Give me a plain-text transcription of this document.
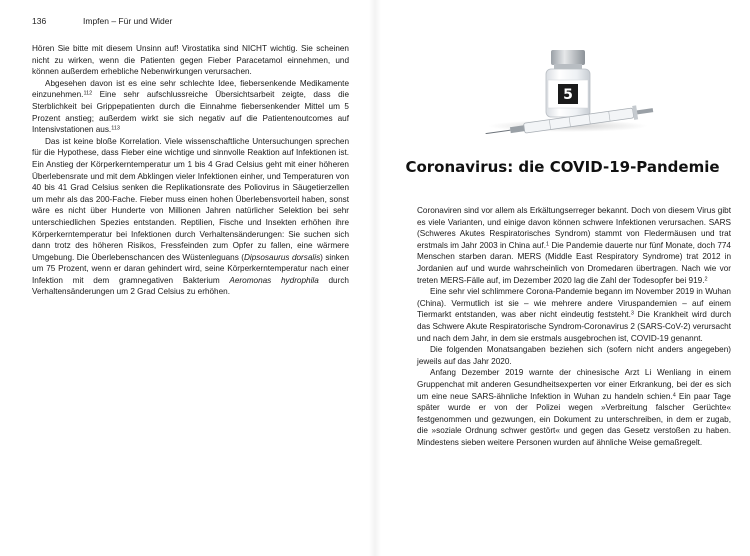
136	Impfen – Für und Wider

Hören Sie bitte mit diesem Unsinn auf! Virostatika sind NICHT wichtig. Sie scheinen nicht zu wirken, wenn die Patienten gegen Fieber Paracetamol einnehmen, und können außerdem erhebliche Nebenwirkungen verursachen.

Abgesehen davon ist es eine sehr schlechte Idee, fiebersenkende Medikamente einzunehmen.$^{112}$ Eine sehr aufschlussreiche Übersichtsarbeit zeigte, dass die Sterblichkeit bei Grippepatienten durch die Einnahme fiebersenkender Mittel um 5 Prozent anstieg; außerdem wirkt sie sich negativ auf die Patientenoutcomes auf Intensivstationen aus.$^{113}$

Das ist keine bloße Korrelation. Viele wissenschaftliche Untersuchungen sprechen für die Hypothese, dass Fieber eine wichtige und sinnvolle Reaktion auf Infektionen ist. Ein Anstieg der Körperkerntemperatur um 1 bis 4 Grad Celsius geht mit einer höheren Überlebensrate und mit dem Abklingen vieler Infektionen einher, und Temperaturen von 40 bis 41 Grad Celsius senken die Replikationsrate des Poliovirus in Säugetierzellen um mehr als das 200-Fache. Fieber muss einen hohen Überlebensvorteil haben, sonst wäre es nicht über Hunderte von Millionen Jahren natürlicher Selektion bei sehr unterschiedlichen Spezies entstanden. Reptilien, Fische und Insekten erhöhen ihre Körperkerntemperatur bei Infektionen durch Verhaltensänderungen: Sie suchen sich dann trotz des höheren Risikos, Fressfeinden zum Opfer zu fallen, eine wärmere Umgebung. Die Überlebenschancen des Wüstenleguans (Dipsosaurus dorsalis) sinken um 75 Prozent, wenn er daran gehindert wird, seine Körperkerntemperatur nach einer Infektion mit dem gramnegativen Bakterium Aeromonas hydrophila durch Verhaltensänderungen um 2 Grad Celsius zu erhöhen.

5
Coronavirus: die COVID-19-Pandemie

Coronaviren sind vor allem als Erkältungserreger bekannt. Doch von diesem Virus gibt es viele Varianten, und einige davon können schwere Infektionen verursachen. SARS (Schweres Akutes Respiratorisches Syndrom) stammt von Fledermäusen und trat erstmals im Jahr 2003 in China auf.$^1$ Die Pandemie dauerte nur fünf Monate, doch 774 Menschen starben daran. MERS (Middle East Respiratory Syndrome) trat 2012 in Jordanien auf und wurde wahrscheinlich von Dromedaren übertragen. Nach wie vor treten MERS-Fälle auf, im Dezember 2020 lag die Zahl der Todesopfer bei 919.$^2$

Eine sehr viel schlimmere Corona-Pandemie begann im November 2019 in Wuhan (China). Vermutlich ist sie – wie mehrere andere Viruspandemien – auf einem Tiermarkt entstanden, was aber nicht eindeutig feststeht.$^3$ Die Krankheit wird durch das Schwere Akute Respiratorische Syndrom-Coronavirus 2 (SARS-CoV-2) verursacht und nach dem Jahr, in dem sie erstmals ausgebrochen ist, COVID-19 genannt.

Die folgenden Monatsangaben beziehen sich (sofern nicht anders angegeben) jeweils auf das Jahr 2020.

Anfang Dezember 2019 warnte der chinesische Arzt Li Wenliang in einem Gruppenchat mit anderen Gesundheitsexperten vor einer Erkrankung, bei der es sich um eine neue SARS-ähnliche Infektion in Wuhan zu handeln schien.$^4$ Ein paar Tage später wurde er von der Polizei wegen »Verbreitung falscher Gerüchte« festgenommen und gezwungen, ein Dokument zu unterschreiben, in dem er zugab, die »soziale Ordnung schwer gestört« und gegen das Gesetz verstoßen zu haben. Mindestens sieben weitere Personen wurden auf ähnliche Weise gemaßregelt.
